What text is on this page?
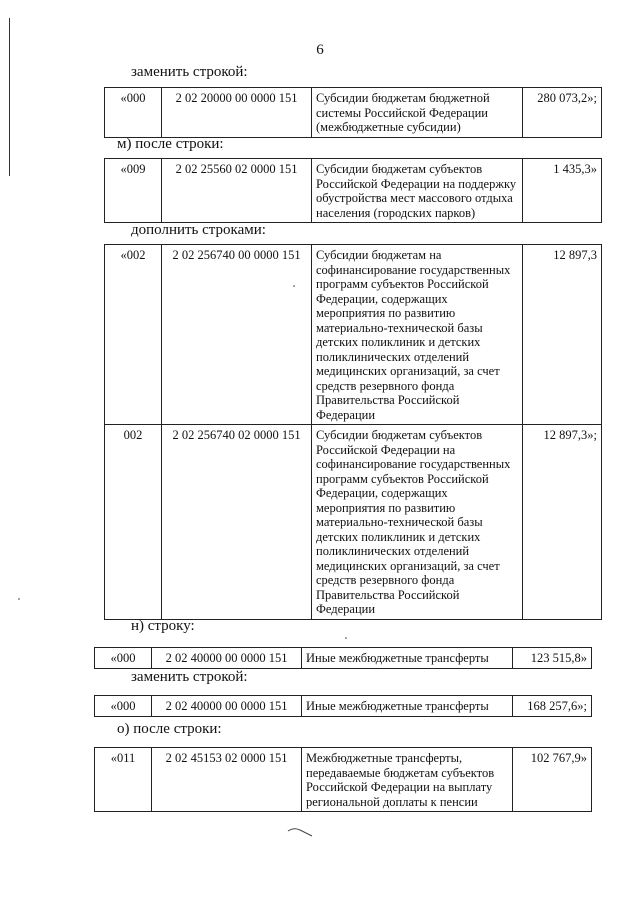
6
заменить строкой:
«000	2 02 20000 00 0000 151	Субсидии бюджетам бюджетной системы Российской Федерации (межбюджетные субсидии)	280 073,2»;
м) после строки:
«009	2 02 25560 02 0000 151	Субсидии бюджетам субъектов Российской Федерации на поддержку обустройства мест массового отдыха населения (городских парков)	1 435,3»
дополнить строками:
«002	2 02 256740 00 0000 151	Субсидии бюджетам на софинансирование государственных программ субъектов Российской Федерации, содержащих мероприятия по развитию материально-технической базы детских поликлиник и детских поликлинических отделений медицинских организаций, за счет средств резервного фонда Правительства Российской Федерации	12 897,3
002	2 02 256740 02 0000 151	Субсидии бюджетам субъектов Российской Федерации на софинансирование государственных программ субъектов Российской Федерации, содержащих мероприятия по развитию материально-технической базы детских поликлиник и детских поликлинических отделений медицинских организаций, за счет средств резервного фонда Правительства Российской Федерации	12 897,3»;
н) строку:
«000	2 02 40000 00 0000 151	Иные межбюджетные трансферты	123 515,8»
заменить строкой:
«000	2 02 40000 00 0000 151	Иные межбюджетные трансферты	168 257,6»;
о) после строки:
«011	2 02 45153 02 0000 151	Межбюджетные трансферты, передаваемые бюджетам субъектов Российской Федерации на выплату региональной доплаты к пенсии	102 767,9»
